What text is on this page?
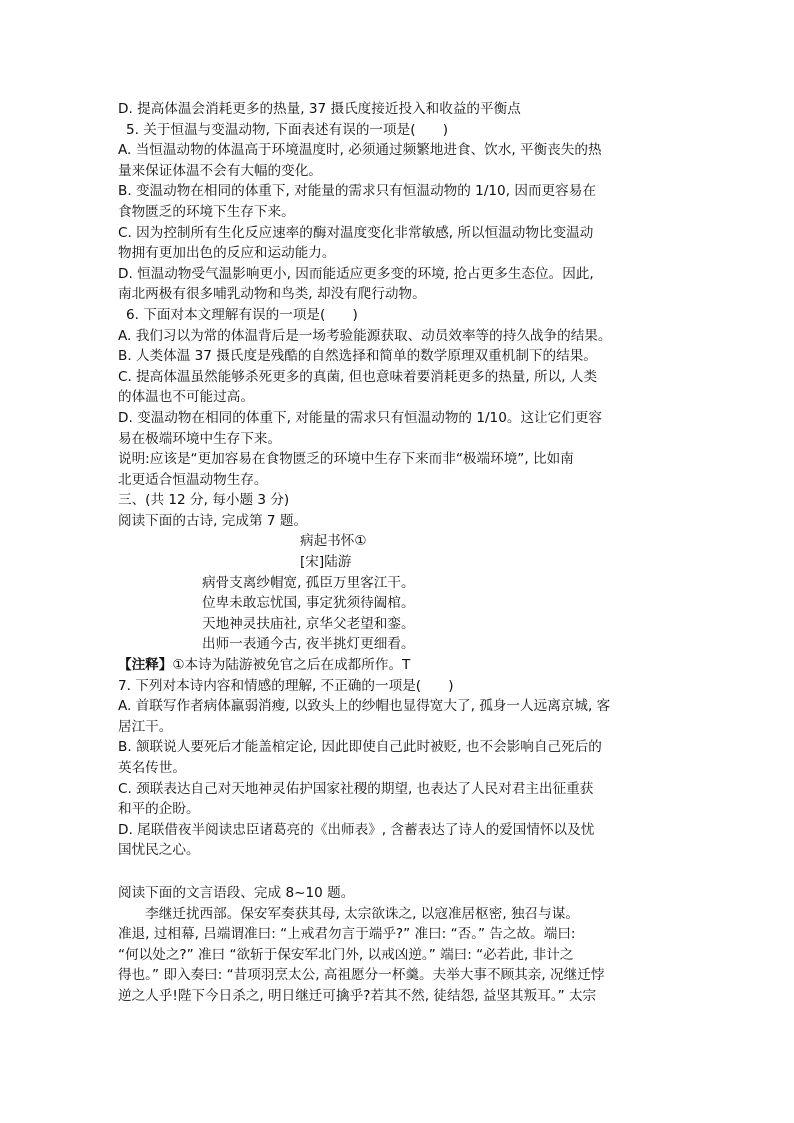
D. 提高体温会消耗更多的热量, 37 摄氏度接近投入和收益的平衡点
5. 关于恒温与变温动物, 下面表述有误的一项是(　　)
A. 当恒温动物的体温高于环境温度时, 必须通过频繁地进食、饮水, 平衡丧失的热
量来保证体温不会有大幅的变化。
B. 变温动物在相同的体重下, 对能量的需求只有恒温动物的 1/10, 因而更容易在
食物匮乏的环境下生存下来。
C. 因为控制所有生化反应速率的酶对温度变化非常敏感, 所以恒温动物比变温动
物拥有更加出色的反应和运动能力。
D. 恒温动物受气温影响更小, 因而能适应更多变的环境, 抢占更多生态位。因此,
南北两极有很多哺乳动物和鸟类, 却没有爬行动物。
6. 下面对本文理解有误的一项是(　　)
A. 我们习以为常的体温背后是一场考验能源获取、动员效率等的持久战争的结果。
B. 人类体温 37 摄氏度是残酷的自然选择和简单的数学原理双重机制下的结果。
C. 提高体温虽然能够杀死更多的真菌, 但也意味着要消耗更多的热量, 所以, 人类
的体温也不可能过高。
D. 变温动物在相同的体重下, 对能量的需求只有恒温动物的 1/10。这让它们更容
易在极端环境中生存下来。
说明:应该是“更加容易在食物匮乏的环境中生存下来而非“极端环境”, 比如南
北更适合恒温动物生存。
三、(共 12 分, 每小题 3 分)
阅读下面的古诗, 完成第 7 题。
病起书怀①
[宋]陆游
病骨支离纱帽宽, 孤臣万里客江干。
位卑未敢忘忧国, 事定犹须待阖棺。
天地神灵扶庙社, 京华父老望和銮。
出师一表通今古, 夜半挑灯更细看。
【注释】①本诗为陆游被免官之后在成都所作。T
7. 下列对本诗内容和情感的理解, 不正确的一项是(　　)
A. 首联写作者病体羸弱消瘦, 以致头上的纱帽也显得宽大了, 孤身一人远离京城, 客
居江干。
B. 颔联说人要死后才能盖棺定论, 因此即使自己此时被贬, 也不会影响自己死后的
英名传世。
C. 颈联表达自己对天地神灵佑护国家社稷的期望, 也表达了人民对君主出征重获
和平的企盼。
D. 尾联借夜半阅读忠臣诸葛亮的《出师表》, 含蓄表达了诗人的爱国情怀以及忧
国忧民之心。
阅读下面的文言语段、完成 8~10 题。
李继迁扰西部。保安军奏获其母, 太宗欲诛之, 以寇准居枢密, 独召与谋。
准退, 过相幕, 吕端谓准曰: “上戒君勿言于端乎?” 准曰: “否。” 告之故。端曰:
“何以处之?” 准曰 “欲斩于保安军北门外, 以戒凶逆。” 端曰: “必若此, 非计之
得也。” 即入奏曰: “昔项羽烹太公, 高祖愿分一杯羹。夫举大事不顾其亲, 况继迁悖
逆之人乎!陛下今日杀之, 明日继迁可擒乎?若其不然, 徒结怨, 益坚其叛耳。” 太宗
